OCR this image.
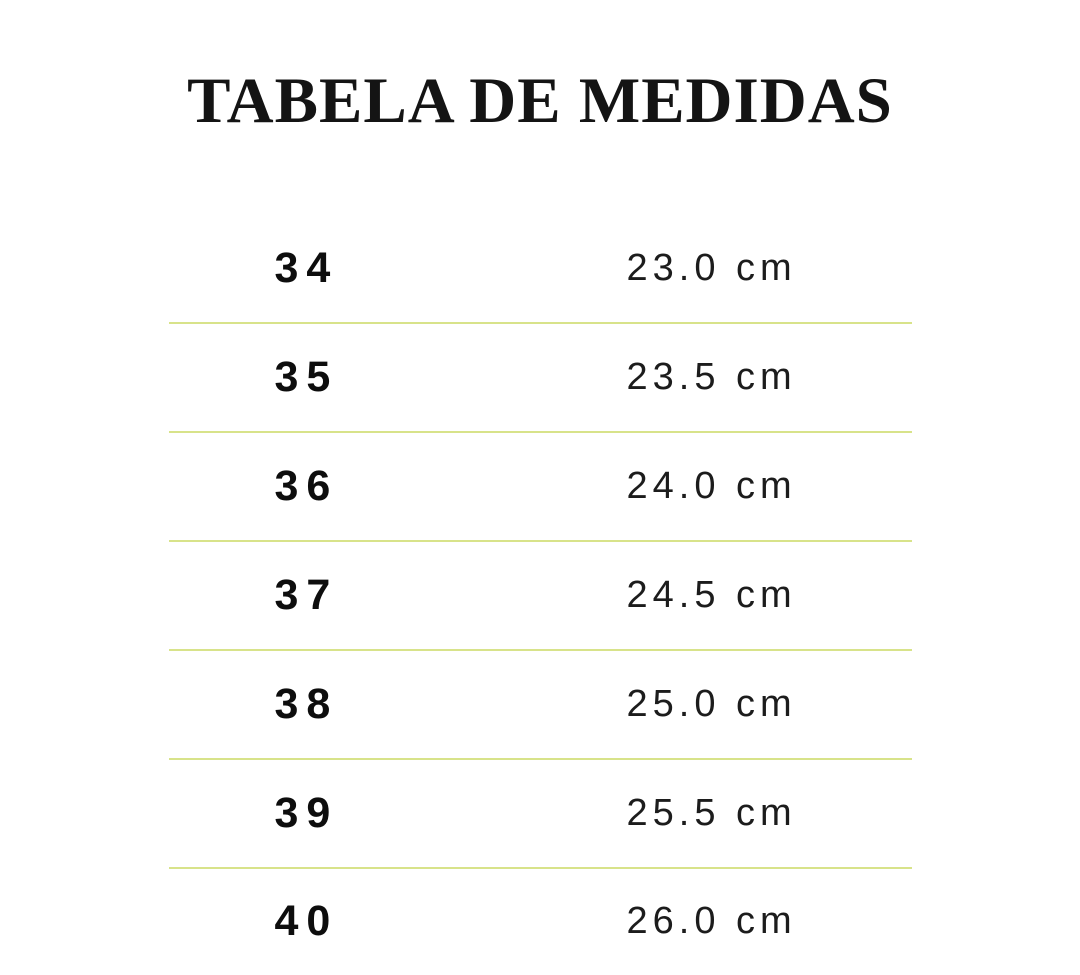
TABELA DE MEDIDAS
34	23.0 cm
35	23.5 cm
36	24.0 cm
37	24.5 cm
38	25.0 cm
39	25.5 cm
40	26.0 cm
